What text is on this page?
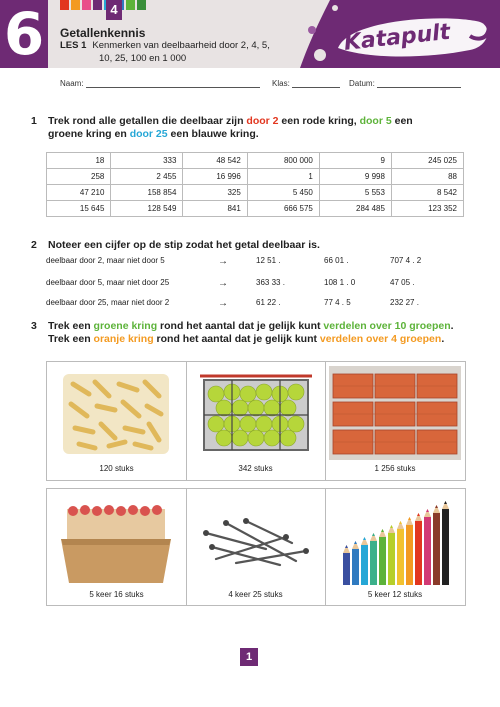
6	4
Getallenkennis
LES 1 Kenmerken van deelbaarheid door 2, 4, 5,
10, 25, 100 en 1 000
Katapult
Naam:	Klas:	Datum:
1 Trek rond alle getallen die deelbaar zijn door 2 een rode kring, door 5 een
groene kring en door 25 een blauwe kring.
18	333	48 542	800 000	9	245 025
258	2 455	16 996	1	9 998	88
47 210	158 854	325	5 450	5 553	8 542
15 645	128 549	841	666 575	284 485	123 352
2 Noteer een cijfer op de stip zodat het getal deelbaar is.
deelbaar door 2, maar niet door 5	→	12 51 .	66 01 .	707 4 . 2
deelbaar door 5, maar niet door 25	→	363 33 .	108 1 . 0	47 05 .
deelbaar door 25, maar niet door 2	→	61 22 .	77 4 . 5	232 27 .
3 Trek een groene kring rond het aantal dat je gelijk kunt verdelen over 10 groepen.
Trek een oranje kring rond het aantal dat je gelijk kunt verdelen over 4 groepen.
120 stuks	342 stuks	1 256 stuks
5 keer 16 stuks	4 keer 25 stuks	5 keer 12 stuks
1
